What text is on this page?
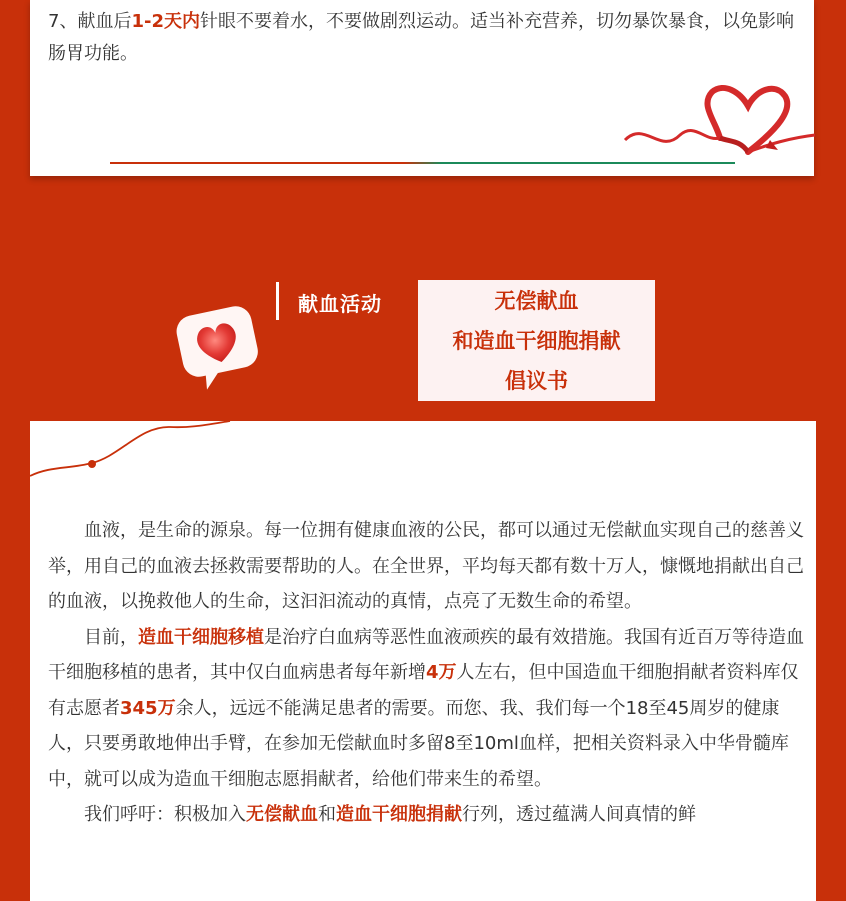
7、献血后1-2天内针眼不要着水，不要做剧烈运动。适当补充营养，切勿暴饮暴食，以免影响肠胃功能。

献血活动	无偿献血
和造血干细胞捐献
倡议书

血液，是生命的源泉。每一位拥有健康血液的公民，都可以通过无偿献血实现自己的慈善义举，用自己的血液去拯救需要帮助的人。在全世界，平均每天都有数十万人，慷慨地捐献出自己的血液，以挽救他人的生命，这汩汩流动的真情，点亮了无数生命的希望。

目前，造血干细胞移植是治疗白血病等恶性血液顽疾的最有效措施。我国有近百万等待造血干细胞移植的患者，其中仅白血病患者每年新增4万人左右，但中国造血干细胞捐献者资料库仅有志愿者345万余人，远远不能满足患者的需要。而您、我、我们每一个18至45周岁的健康人，只要勇敢地伸出手臂，在参加无偿献血时多留8至10ml血样，把相关资料录入中华骨髓库中，就可以成为造血干细胞志愿捐献者，给他们带来生的希望。

我们呼吁：积极加入无偿献血和造血干细胞捐献行列，透过蕴满人间真情的鲜
